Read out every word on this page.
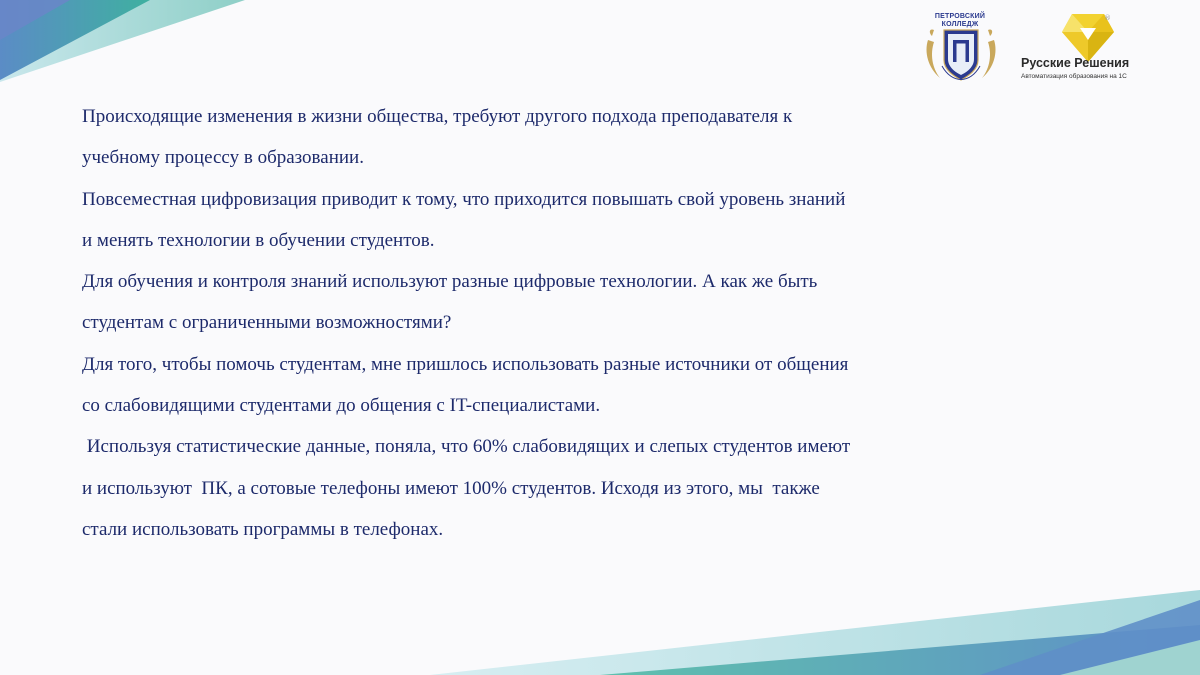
ПЕТРОВСКИЙ
КОЛЛЕДЖ
®
Русские Решения
Автоматизация образования на 1С

Происходящие изменения в жизни общества, требуют другого подхода преподавателя к

учебному процессу в образовании.

Повсеместная цифровизация приводит к тому, что приходится повышать свой уровень знаний

и менять технологии в обучении студентов.

Для обучения и контроля знаний используют разные цифровые технологии. А как же быть

студентам с ограниченными возможностями?

Для того, чтобы помочь студентам, мне пришлось использовать разные источники от общения

со слабовидящими студентами до общения с IT-специалистами.

Используя статистические данные, поняла, что 60% слабовидящих и слепых студентов имеют

и используют  ПК, а сотовые телефоны имеют 100% студентов. Исходя из этого, мы  также

стали использовать программы в телефонах.
